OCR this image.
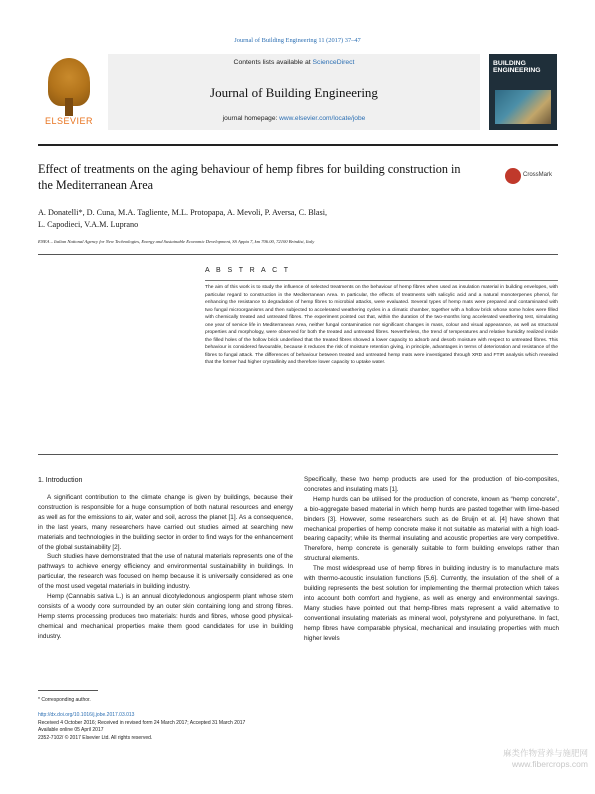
Journal of Building Engineering 11 (2017) 37–47
ELSEVIER
Contents lists available at ScienceDirect
Journal of Building Engineering
journal homepage: www.elsevier.com/locate/jobe
BUILDING
ENGINEERING
Effect of treatments on the aging behaviour of hemp fibres for building construction in the Mediterranean Area
CrossMark
A. Donatelli*, D. Cuna, M.A. Tagliente, M.L. Protopapa, A. Mevoli, P. Aversa, C. Blasi,
L. Capodieci, V.A.M. Luprano
ENEA – Italian National Agency for New Technologies, Energy and Sustainable Economic Development, SS Appia 7, km 706.00, 72100 Brindisi, Italy
A B S T R A C T
The aim of this work is to study the influence of selected treatments on the behaviour of hemp fibres when used as insulation material in building envelopes, with particular regard to construction in the Mediterranean Area. In particular, the effects of treatments with salicylic acid and a natural monoterpenes phenol, for enhancing the resistance to degradation of hemp fibres to microbial attacks, were evaluated. Several types of hemp mats were prepared and contaminated with two fungal microorganisms and then subjected to accelerated weathering cycles in a climatic chamber, together with a hollow brick whose some holes were filled with chemically treated and untreated fibres. The experiment pointed out that, within the duration of the two-months long accelerated weathering test, simulating one year of service life in Mediterranean Area, neither fungal contamination nor significant changes in mass, colour and visual appearance, as well as structural properties and morphology, were observed for both the treated and untreated fibres. Nevertheless, the trend of temperatures and relative humidity realized inside the filled holes of the hollow brick underlined that the treated fibres showed a lower capacity to adsorb and desorb moisture with respect to untreated fibres. This behaviour is considered favourable, because it reduces the risk of moisture retention giving, in principle, advantages in terms of deterioration and resistance of the fibres to fungal attack. The differences of behaviour between treated and untreated hemp mats were investigated through XRD and FTIR analysis which revealed that the former had higher crystallinity and therefore lower capacity to uptake water.
1. Introduction

A significant contribution to the climate change is given by buildings, because their construction is responsible for a huge consumption of both natural resources and energy as well as for the emissions to air, water and soil, across the planet [1]. As a consequence, in the last years, many researchers have carried out studies aimed at searching new materials and technologies in the building sector in order to find ways for the enhancement of the global sustainability [2].

Such studies have demonstrated that the use of natural materials represents one of the pathways to achieve energy efficiency and environmental sustainability in buildings. In particular, the research was focused on hemp because it is universally considered as one of the most used vegetal materials in building industry.

Hemp (Cannabis sativa L.) is an annual dicotyledonous angiosperm plant whose stem consists of a woody core surrounded by an outer skin containing long and strong fibres. Hemp stems processing produces two materials: hurds and fibres, whose good physical-chemical and mechanical properties make them good candidates for use in building industry.

Specifically, these two hemp products are used for the production of bio-composites, concretes and insulating mats [1].

Hemp hurds can be utilised for the production of concrete, known as “hemp concrete”, a bio-aggregate based material in which hemp hurds are pasted together with lime-based binders [3]. However, some researchers such as de Bruijn et al. [4] have shown that mechanical properties of hemp concrete make it not suitable as material with a high load-bearing capacity; while its thermal insulating and acoustic properties are very competitive. Therefore, hemp concrete is generally suitable to form building envelops rather than structural elements.

The most widespread use of hemp fibres in building industry is to manufacture mats with thermo-acoustic insulation functions [5,6]. Currently, the insulation of the shell of a building represents the best solution for implementing the thermal protection which takes into account both comfort and hygiene, as well as energy and environmental savings. Many studies have pointed out that hemp-fibres mats represent a valid alternative to conventional insulating materials as mineral wool, polystyrene and polyurethane. In fact, hemp fibres have comparable physical, mechanical and insulating properties with much higher levels

* Corresponding author.
http://dx.doi.org/10.1016/j.jobe.2017.03.013
Received 4 October 2016; Received in revised form 24 March 2017; Accepted 31 March 2017
Available online 05 April 2017
2352-7102/ © 2017 Elsevier Ltd. All rights reserved.
麻类作物营养与施肥网
www.fibercrops.com
